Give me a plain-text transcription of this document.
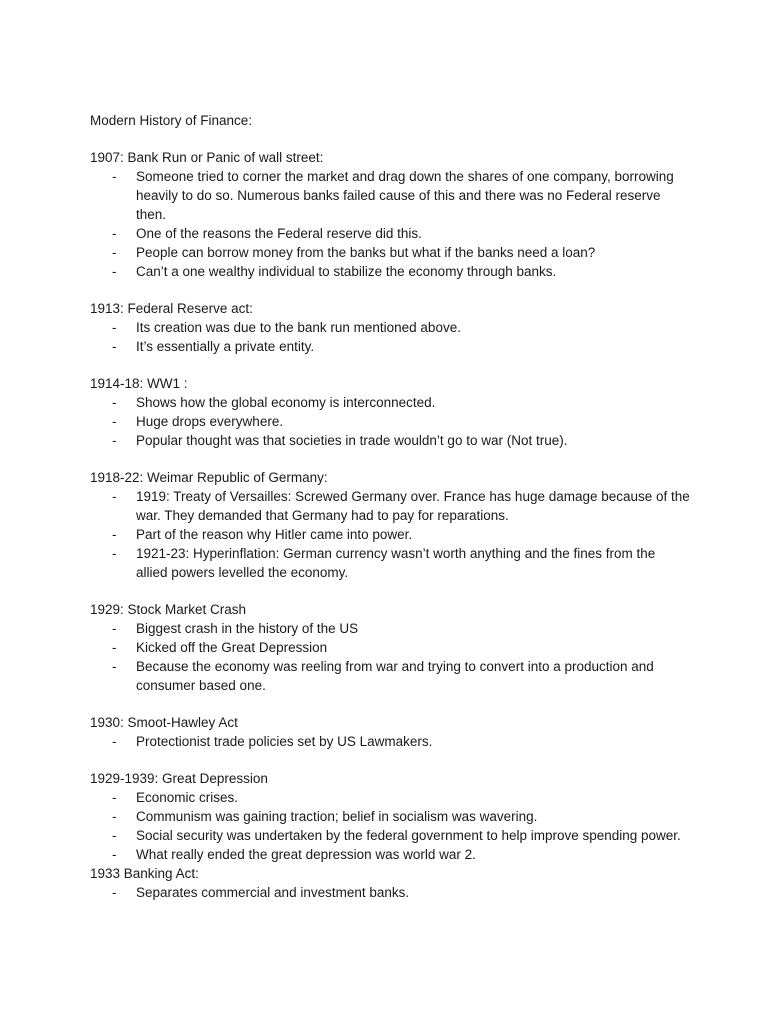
Modern History of Finance:

1907: Bank Run or Panic of wall street:

- Someone tried to corner the market and drag down the shares of one company, borrowing heavily to do so. Numerous banks failed cause of this and there was no Federal reserve then.
- One of the reasons the Federal reserve did this.
- People can borrow money from the banks but what if the banks need a loan?
- Can’t a one wealthy individual to stabilize the economy through banks.

1913: Federal Reserve act:

- Its creation was due to the bank run mentioned above.
- It’s essentially a private entity.

1914-18: WW1 :

- Shows how the global economy is interconnected.
- Huge drops everywhere.
- Popular thought was that societies in trade wouldn’t go to war (Not true).

1918-22: Weimar Republic of Germany:

- 1919: Treaty of Versailles: Screwed Germany over. France has huge damage because of the war. They demanded that Germany had to pay for reparations.
- Part of the reason why Hitler came into power.
- 1921-23: Hyperinflation: German currency wasn’t worth anything and the fines from the allied powers levelled the economy.

1929: Stock Market Crash

- Biggest crash in the history of the US
- Kicked off the Great Depression
- Because the economy was reeling from war and trying to convert into a production and consumer based one.

1930: Smoot-Hawley Act

- Protectionist trade policies set by US Lawmakers.

1929-1939: Great Depression

- Economic crises.
- Communism was gaining traction; belief in socialism was wavering.
- Social security was undertaken by the federal government to help improve spending power.
- What really ended the great depression was world war 2.

1933 Banking Act:

- Separates commercial and investment banks.
